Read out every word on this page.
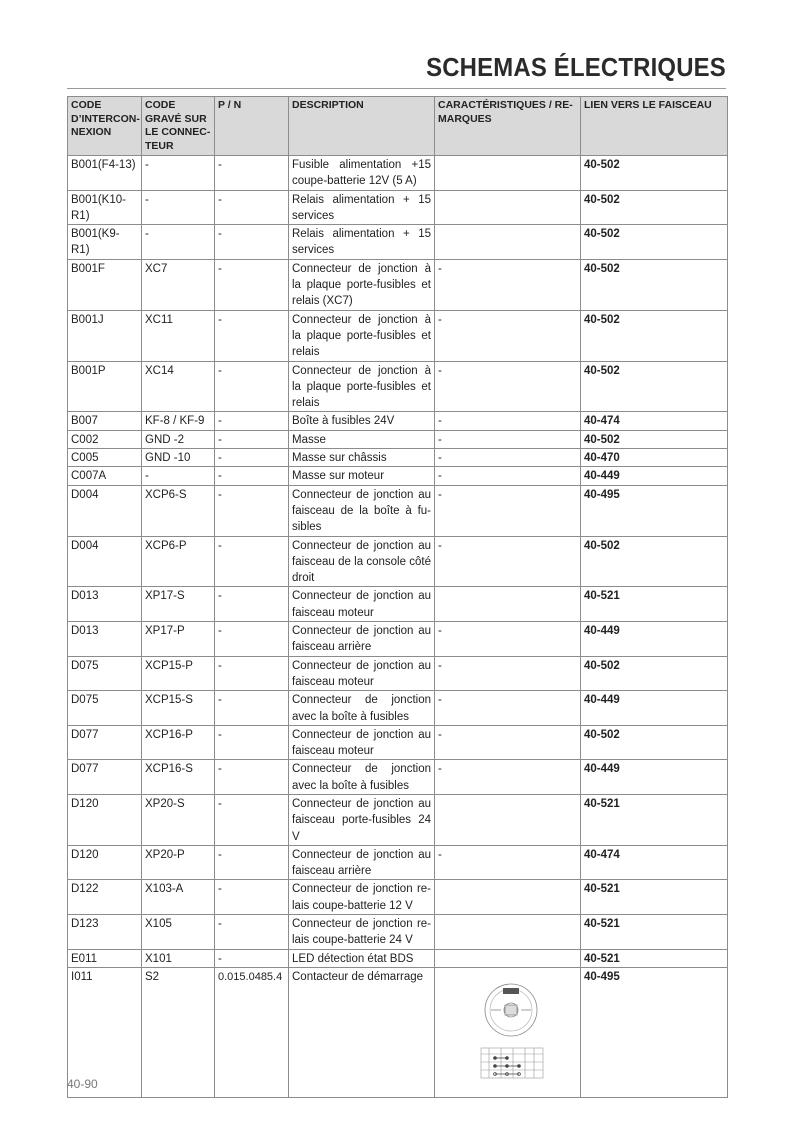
SCHEMAS ÉLECTRIQUES
CODE D’INTERCON-NEXION	CODE GRAVÉ SUR LE CONNEC-TEUR	P / N	DESCRIPTION	CARACTÉRISTIQUES / RE-MARQUES	LIEN VERS LE FAISCEAU
B001(F4-13)	-	-	Fusible alimentation +15 coupe-batterie 12V (5 A)		40-502
B001(K10-R1)	-	-	Relais alimentation + 15 services		40-502
B001(K9-R1)	-	-	Relais alimentation + 15 services		40-502
B001F	XC7	-	Connecteur de jonction à la plaque porte-fusibles et relais (XC7)	-	40-502
B001J	XC11	-	Connecteur de jonction à la plaque porte-fusibles et relais	-	40-502
B001P	XC14	-	Connecteur de jonction à la plaque porte-fusibles et relais	-	40-502
B007	KF-8 / KF-9	-	Boîte à fusibles 24V	-	40-474
C002	GND -2	-	Masse	-	40-502
C005	GND -10	-	Masse sur châssis	-	40-470
C007A	-	-	Masse sur moteur	-	40-449
D004	XCP6-S	-	Connecteur de jonction au faisceau de la boîte à fu-sibles	-	40-495
D004	XCP6-P	-	Connecteur de jonction au faisceau de la console côté droit	-	40-502
D013	XP17-S	-	Connecteur de jonction au faisceau moteur		40-521
D013	XP17-P	-	Connecteur de jonction au faisceau arrière	-	40-449
D075	XCP15-P	-	Connecteur de jonction au faisceau moteur	-	40-502
D075	XCP15-S	-	Connecteur de jonction avec la boîte à fusibles	-	40-449
D077	XCP16-P	-	Connecteur de jonction au faisceau moteur	-	40-502
D077	XCP16-S	-	Connecteur de jonction avec la boîte à fusibles	-	40-449
D120	XP20-S	-	Connecteur de jonction au faisceau porte-fusibles 24 V		40-521
D120	XP20-P	-	Connecteur de jonction au faisceau arrière	-	40-474
D122	X103-A	-	Connecteur de jonction re-lais coupe-batterie 12 V		40-521
D123	X105	-	Connecteur de jonction re-lais coupe-batterie 24 V		40-521
E011	X101	-	LED détection état BDS		40-521
I011	S2	0.015.0485.4	Contacteur de démarrage		40-495
40-90
